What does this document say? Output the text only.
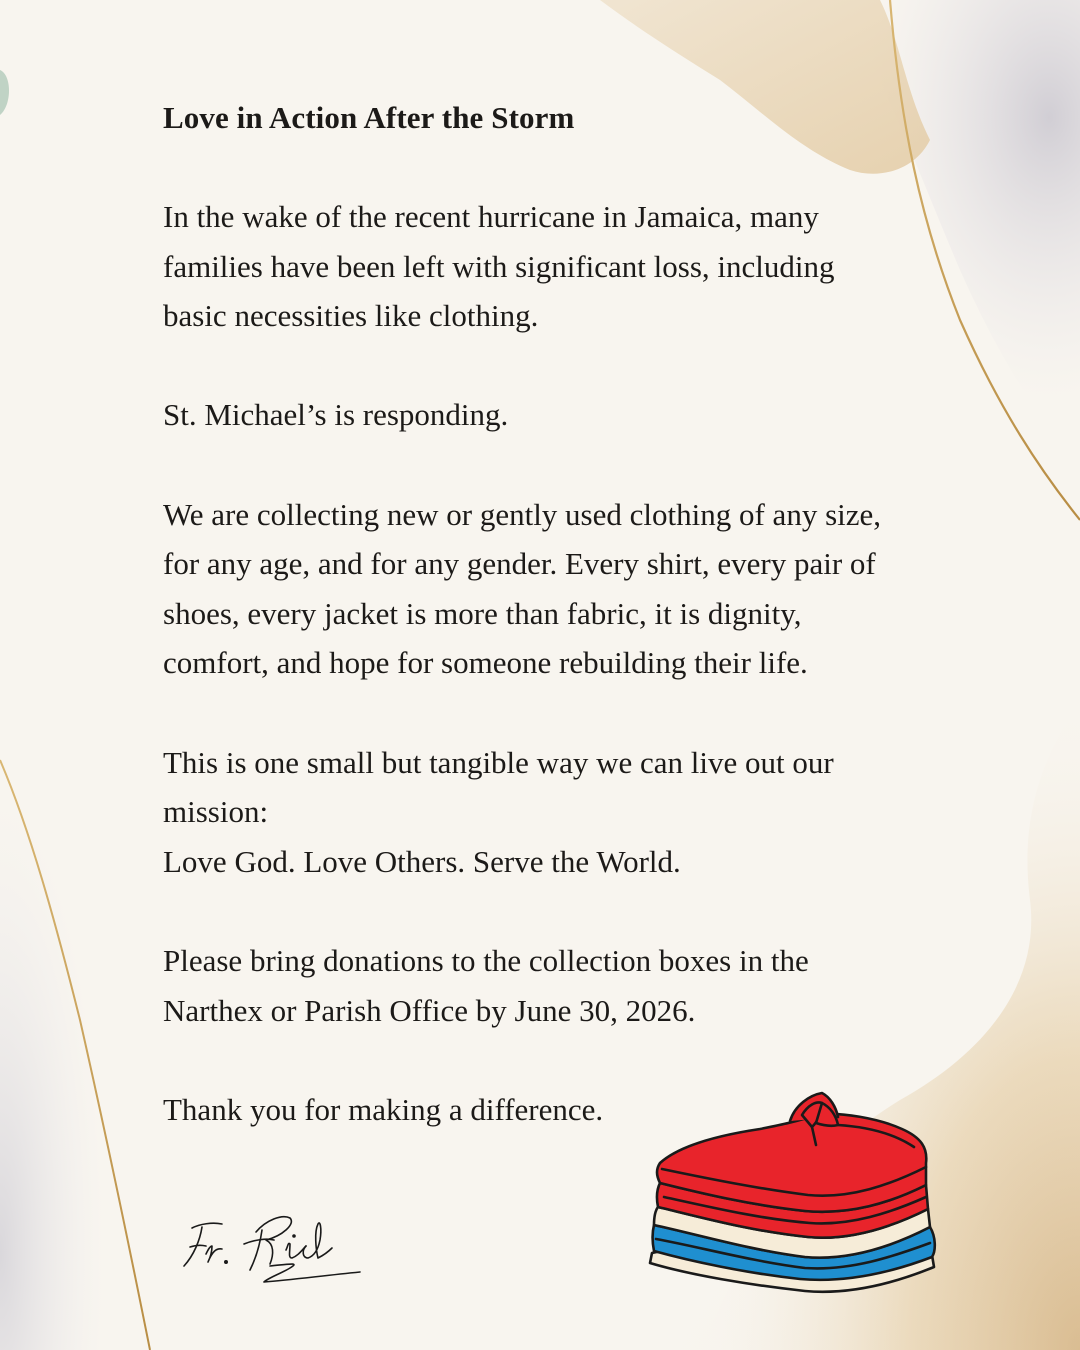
Love in Action After the Storm
In the wake of the recent hurricane in Jamaica, many
families have been left with significant loss, including
basic necessities like clothing.
St. Michael’s is responding.
We are collecting new or gently used clothing of any size,
for any age, and for any gender. Every shirt, every pair of
shoes, every jacket is more than fabric, it is dignity,
comfort, and hope for someone rebuilding their life.
This is one small but tangible way we can live out our
mission:
Love God. Love Others. Serve the World.
Please bring donations to the collection boxes in the
Narthex or Parish Office by June 30, 2026.
Thank you for making a difference.
